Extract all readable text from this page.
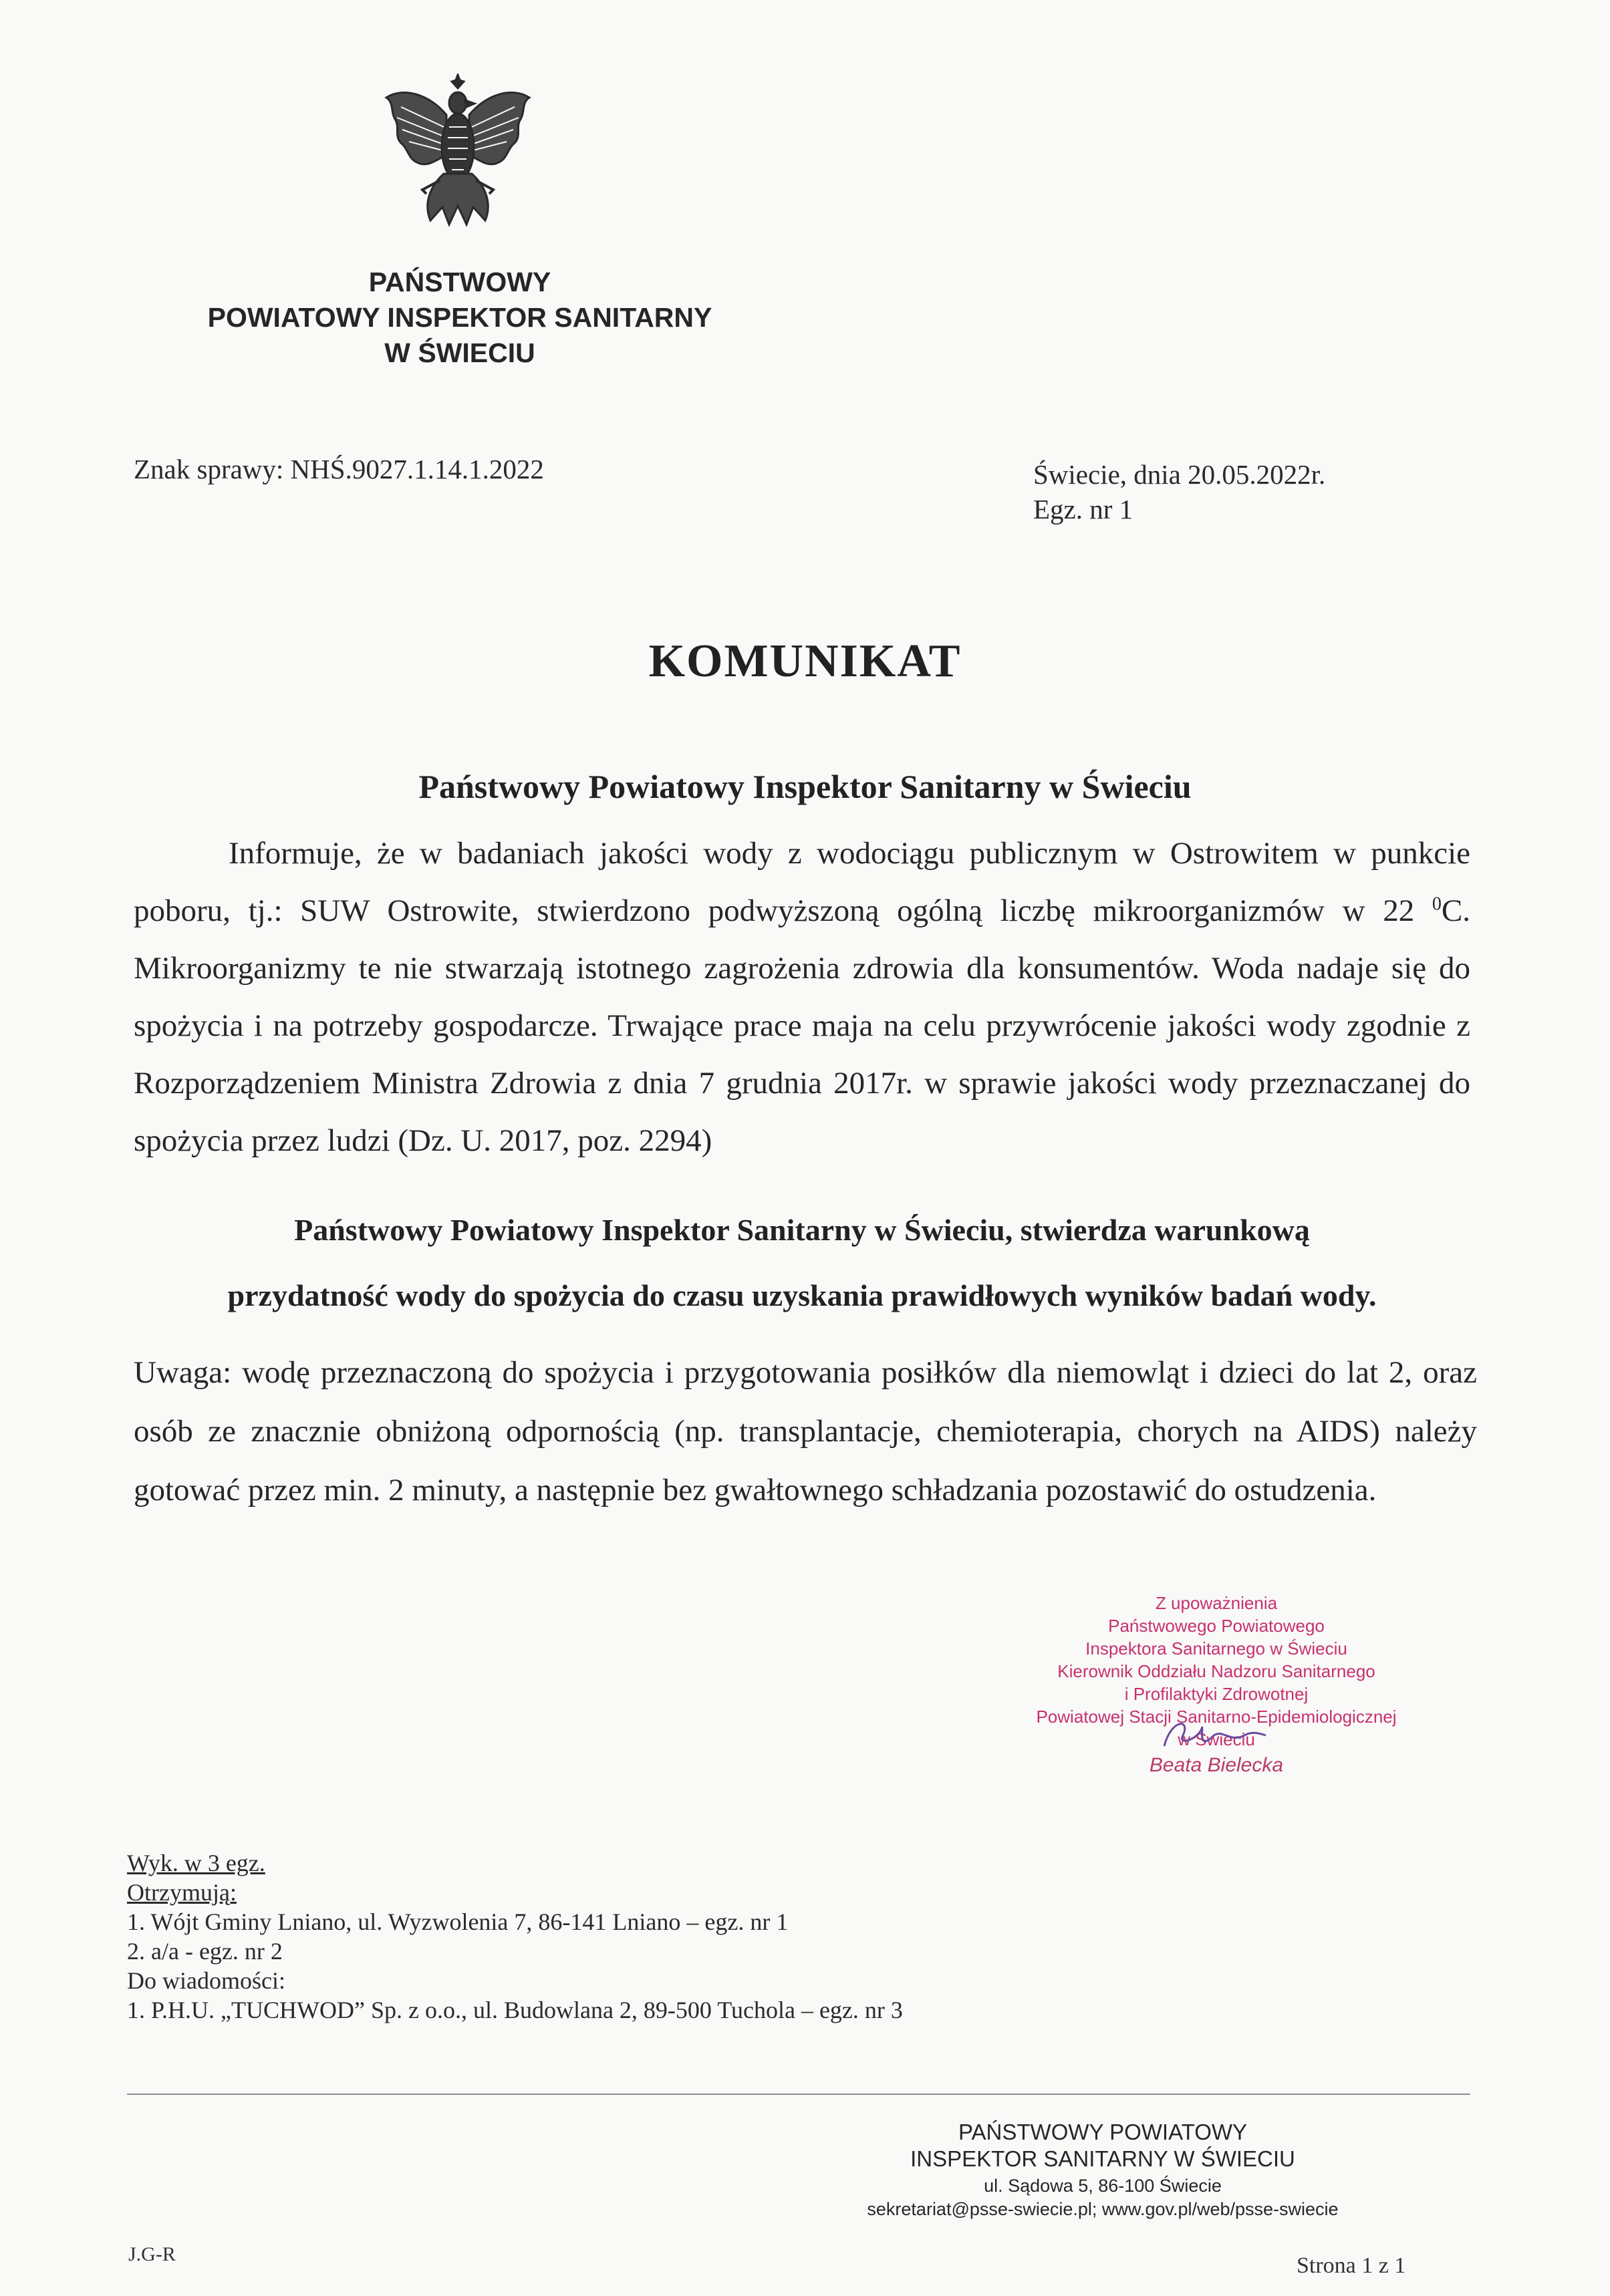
PAŃSTWOWY
POWIATOWY INSPEKTOR SANITARNY
W ŚWIECIU
Znak sprawy: NHŚ.9027.1.14.1.2022	Świecie, dnia 20.05.2022r.
Egz. nr 1
KOMUNIKAT
Państwowy Powiatowy Inspektor Sanitarny w Świeciu

Informuje, że w badaniach jakości wody z wodociągu publicznym w Ostrowitem w punkcie poboru, tj.: SUW Ostrowite, stwierdzono podwyższoną ogólną liczbę mikroorganizmów w 22 $^0$C. Mikroorganizmy te nie stwarzają istotnego zagrożenia zdrowia dla konsumentów. Woda nadaje się do spożycia i na potrzeby gospodarcze. Trwające prace maja na celu przywrócenie jakości wody zgodnie z Rozporządzeniem Ministra Zdrowia z dnia 7 grudnia 2017r. w sprawie jakości wody przeznaczanej do spożycia przez ludzi (Dz. U. 2017, poz. 2294)

Państwowy Powiatowy Inspektor Sanitarny w Świeciu, stwierdza warunkową
przydatność wody do spożycia do czasu uzyskania prawidłowych wyników badań wody.

Uwaga: wodę przeznaczoną do spożycia i przygotowania posiłków dla niemowląt i dzieci do lat 2, oraz osób ze znacznie obniżoną odpornością (np. transplantacje, chemioterapia, chorych na AIDS) należy gotować przez min. 2 minuty, a następnie bez gwałtownego schładzania pozostawić do ostudzenia.

Z upoważnienia
Państwowego Powiatowego
Inspektora Sanitarnego w Świeciu
Kierownik Oddziału Nadzoru Sanitarnego
i Profilaktyki Zdrowotnej
Powiatowej Stacji Sanitarno-Epidemiologicznej
w Świeciu
Beata Bielecka
Wyk. w 3 egz.
Otrzymują:
1. Wójt Gminy Lniano, ul. Wyzwolenia 7, 86-141 Lniano – egz. nr 1
2. a/a - egz. nr 2
Do wiadomości:
1. P.H.U. „TUCHWOD” Sp. z o.o., ul. Budowlana 2, 89-500 Tuchola – egz. nr 3
PAŃSTWOWY POWIATOWY
INSPEKTOR SANITARNY W ŚWIECIU
ul. Sądowa 5, 86-100 Świecie
sekretariat@psse-swiecie.pl; www.gov.pl/web/psse-swiecie
J.G-R	Strona 1 z 1
